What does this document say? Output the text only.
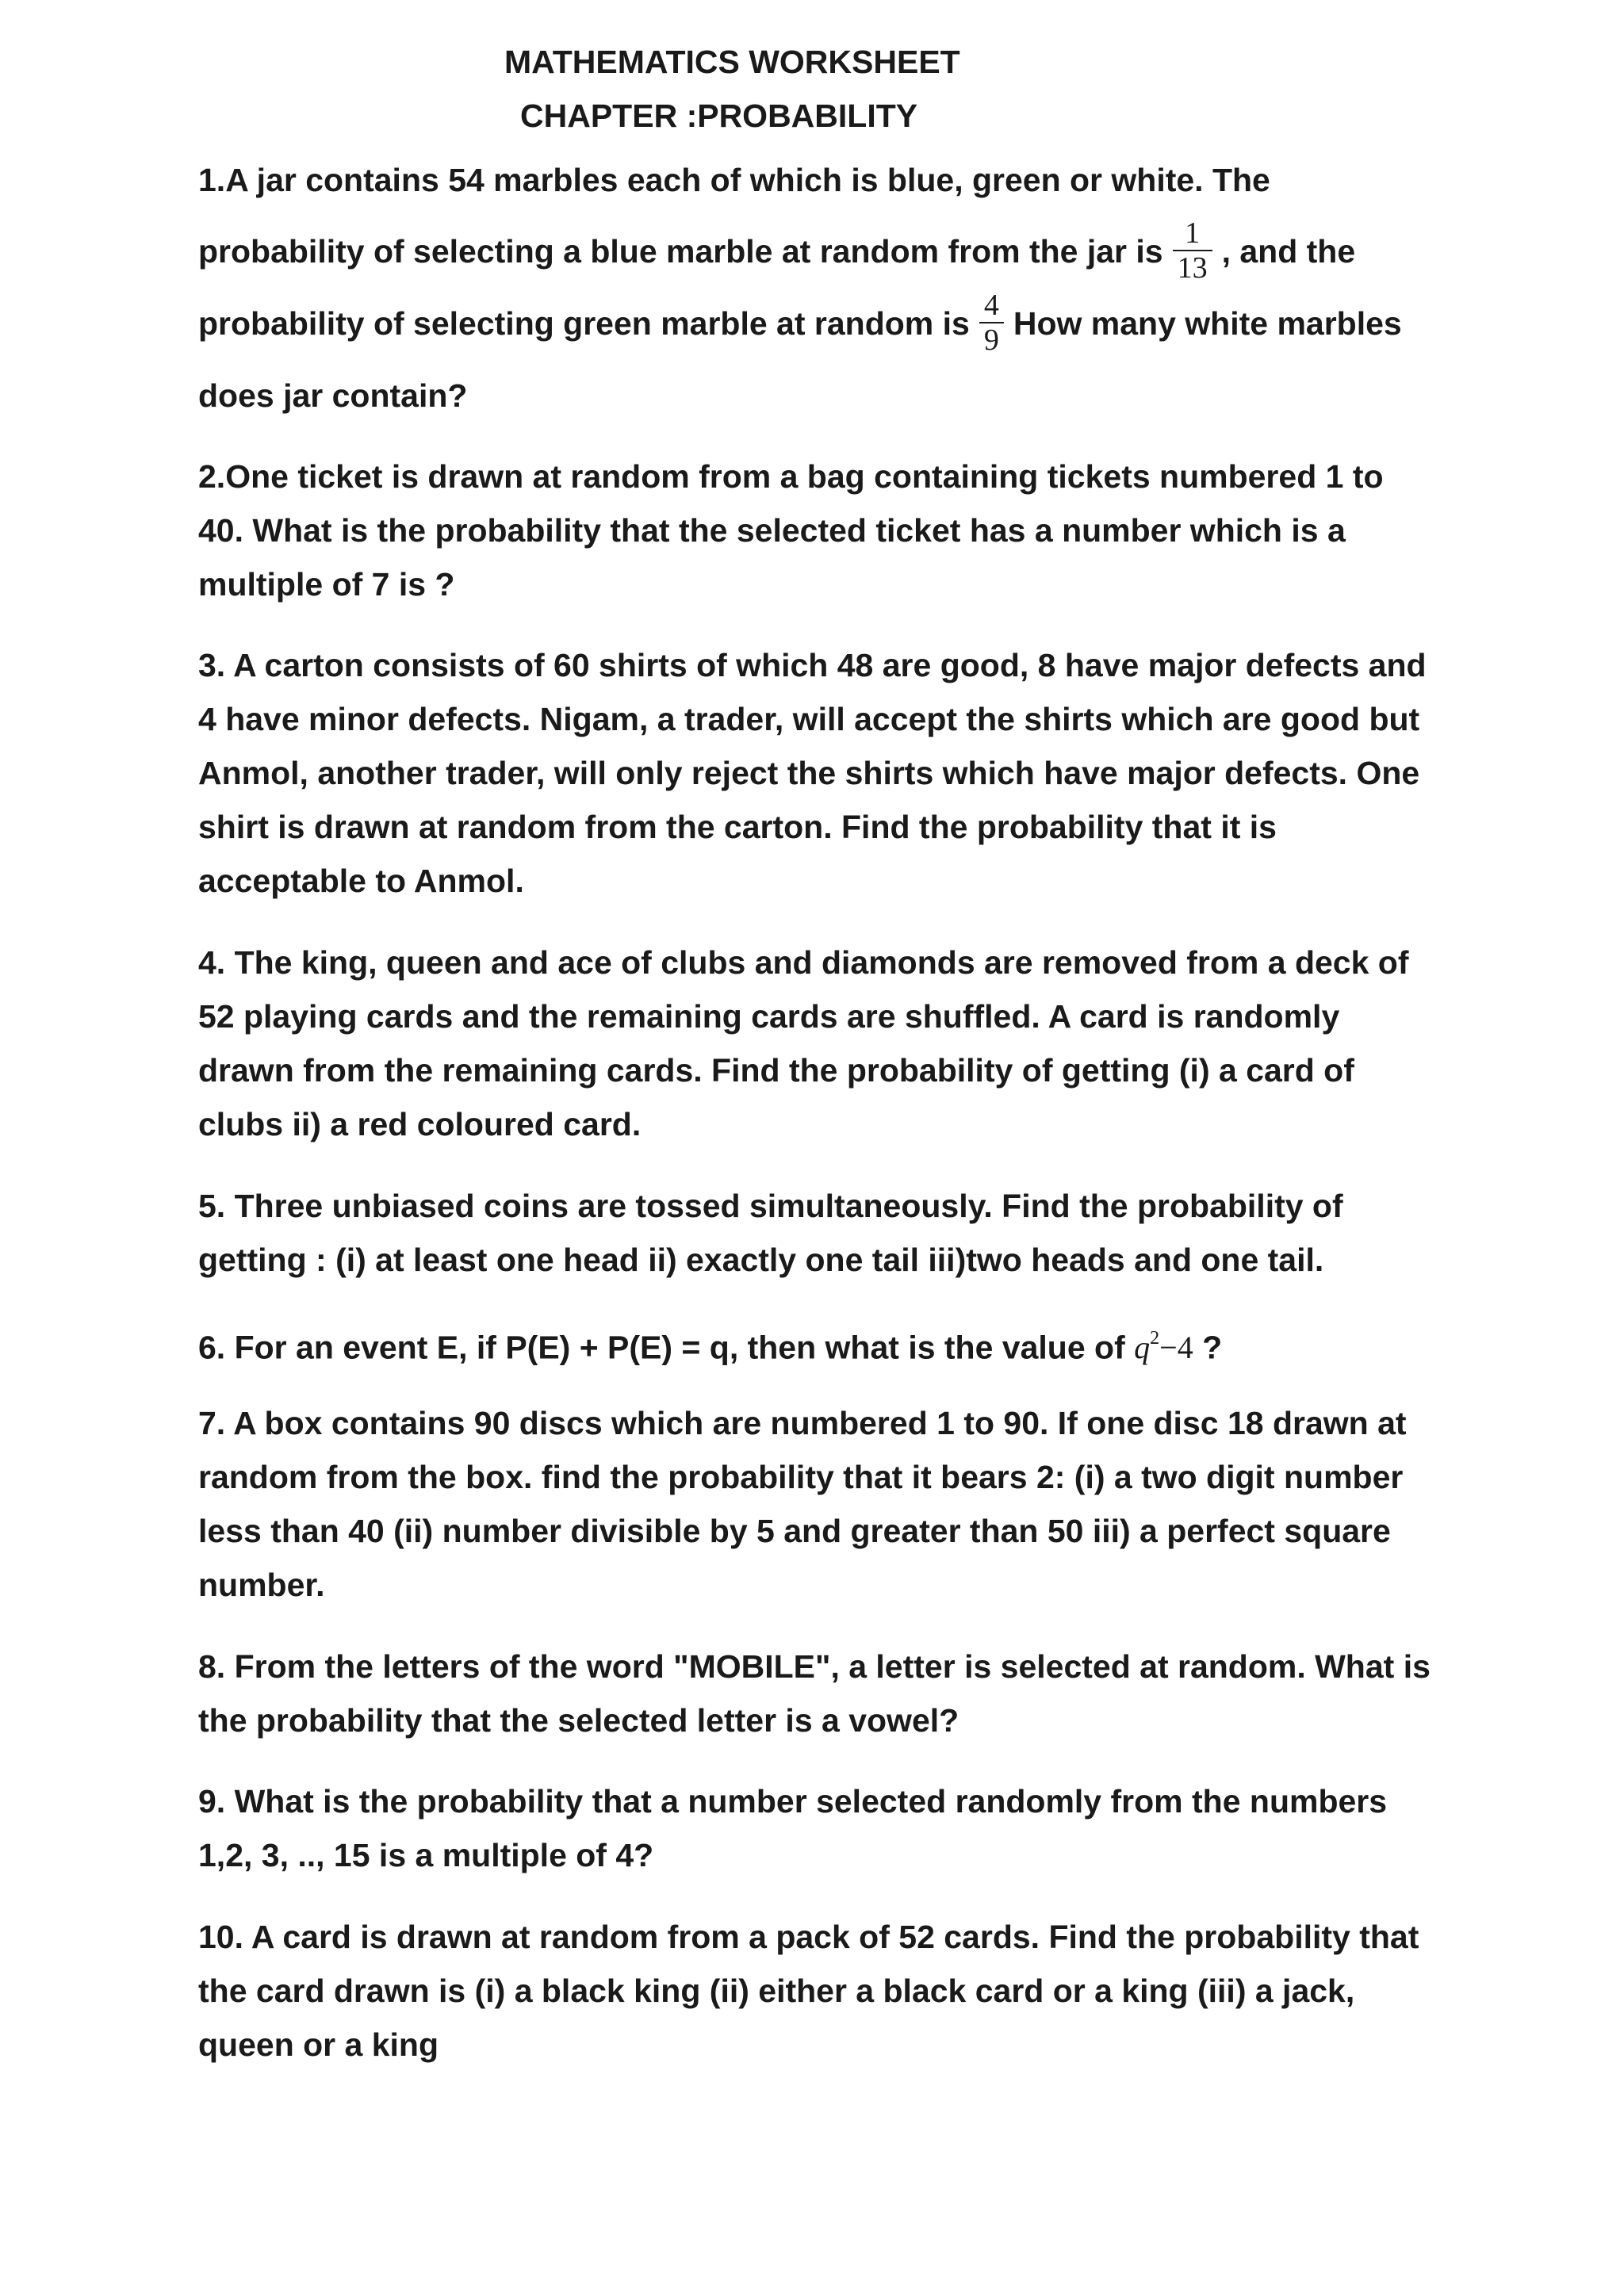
MATHEMATICS WORKSHEET
CHAPTER :PROBABILITY
1.A jar contains 54 marbles each of which is blue, green or white. The probability of selecting a blue marble at random from the jar is $\frac{1}{13}$ , and the probability of selecting green marble at random is $\frac{4}{9}$ How many white marbles does jar contain?
2.One ticket is drawn at random from a bag containing tickets numbered 1 to 40. What is the probability that the selected ticket has a number which is a multiple of 7 is ?
3. A carton consists of 60 shirts of which 48 are good, 8 have major defects and 4 have minor defects. Nigam, a trader, will accept the shirts which are good but Anmol, another trader, will only reject the shirts which have major defects. One shirt is drawn at random from the carton. Find the probability that it is acceptable to Anmol.
4. The king, queen and ace of clubs and diamonds are removed from a deck of 52 playing cards and the remaining cards are shuffled. A card is randomly drawn from the remaining cards. Find the probability of getting (i) a card of clubs ii) a red coloured card.
5. Three unbiased coins are tossed simultaneously. Find the probability of getting : (i) at least one head ii) exactly one tail iii)two heads and one tail.
6. For an event E, if P(E) + P(E) = q, then what is the value of $q^2-4$ ?
7. A box contains 90 discs which are numbered 1 to 90. If one disc 18 drawn at random from the box. find the probability that it bears 2: (i) a two digit number less than 40 (ii) number divisible by 5 and greater than 50 iii) a perfect square number.
8. From the letters of the word "MOBILE", a letter is selected at random. What is the probability that the selected letter is a vowel?
9. What is the probability that a number selected randomly from the numbers 1,2, 3, .., 15 is a multiple of 4?
10. A card is drawn at random from a pack of 52 cards. Find the probability that the card drawn is (i) a black king (ii) either a black card or a king (iii) a jack, queen or a king
